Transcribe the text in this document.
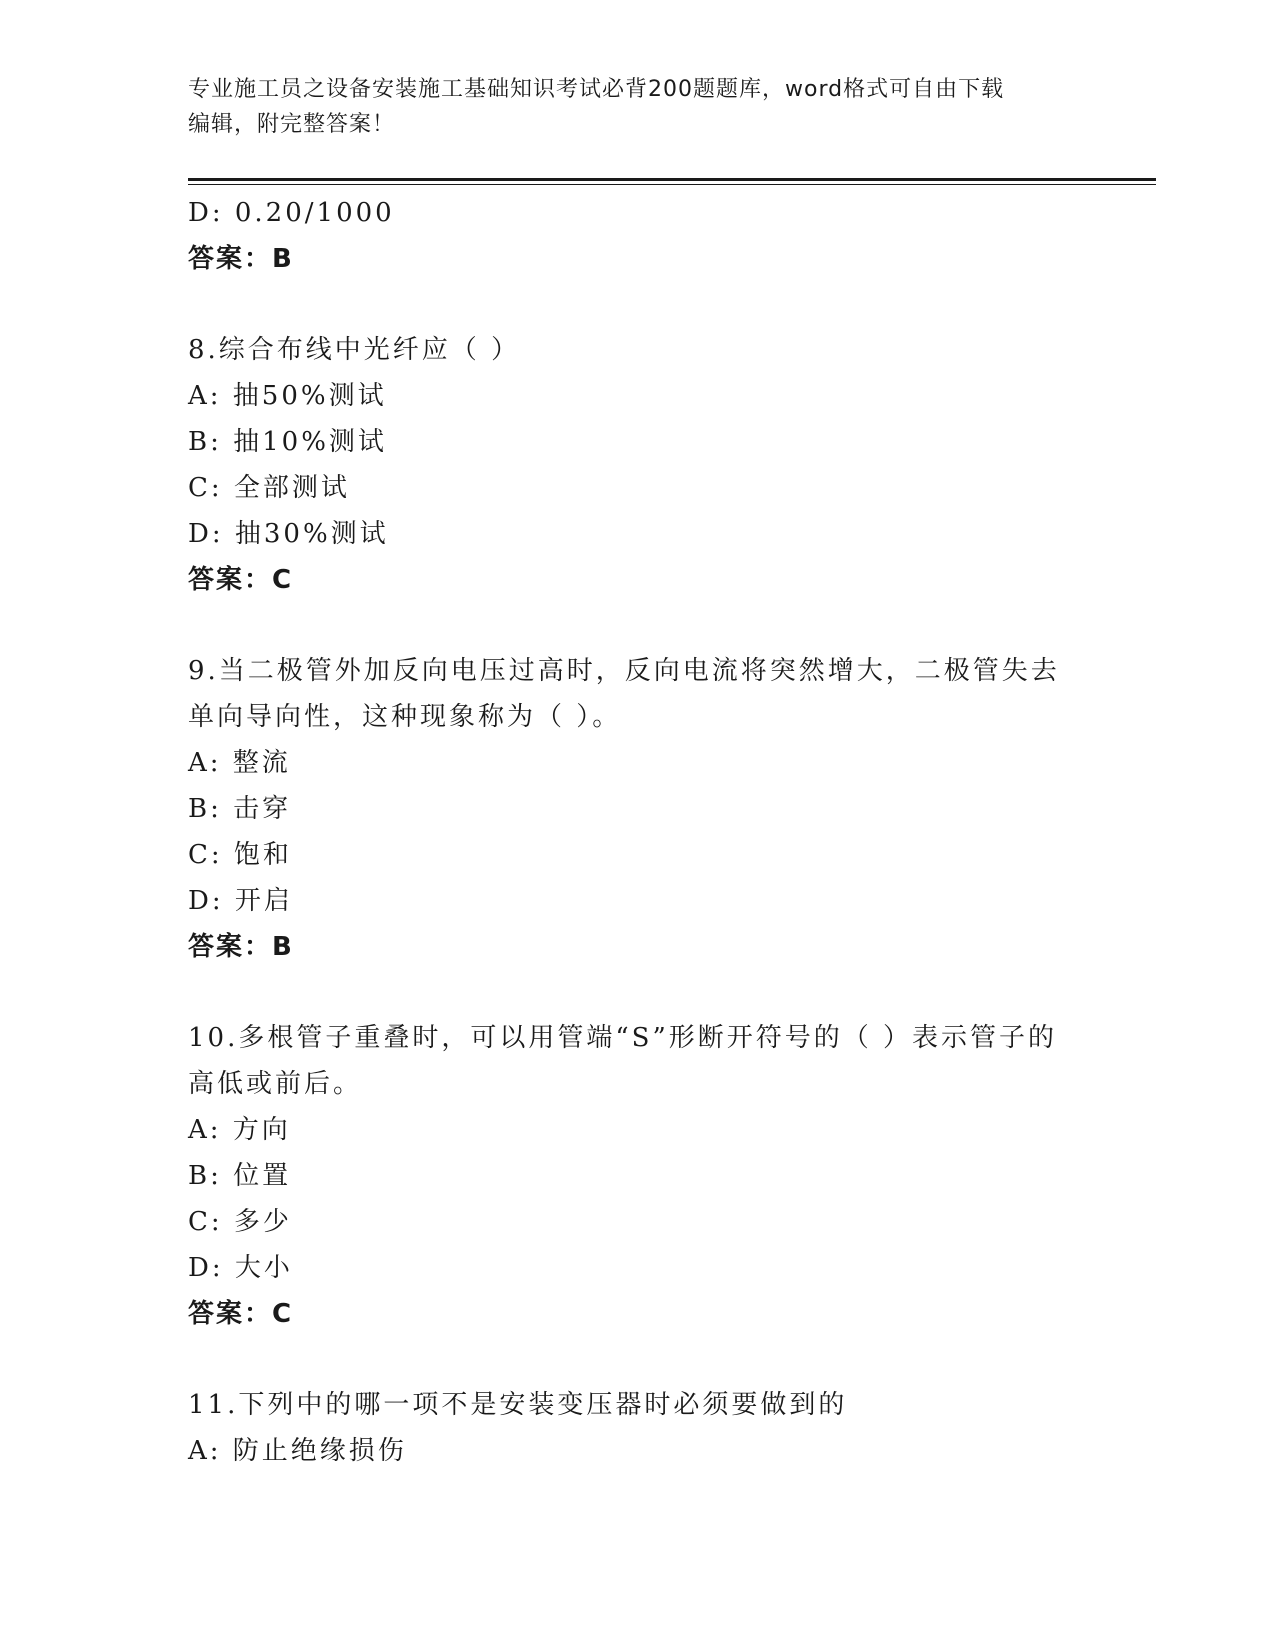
专业施工员之设备安装施工基础知识考试必背200题题库，word格式可自由下载
编辑，附完整答案！
D: 0.20/1000
答案：B
8.综合布线中光纤应（ ）
A: 抽50%测试
B: 抽10%测试
C: 全部测试
D: 抽30%测试
答案：C
9.当二极管外加反向电压过高时，反向电流将突然增大，二极管失去
单向导向性，这种现象称为（ ）。
A: 整流
B: 击穿
C: 饱和
D: 开启
答案：B
10.多根管子重叠时，可以用管端“S”形断开符号的（ ）表示管子的
高低或前后。
A: 方向
B: 位置
C: 多少
D: 大小
答案：C
11.下列中的哪一项不是安装变压器时必须要做到的
A: 防止绝缘损伤
